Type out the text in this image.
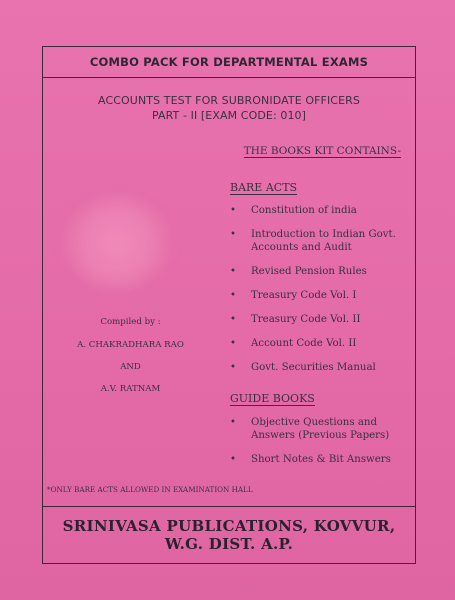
COMBO PACK FOR DEPARTMENTAL EXAMS
ACCOUNTS TEST FOR SUBRONIDATE OFFICERS
PART - II [EXAM CODE: 010]
THE BOOKS KIT CONTAINS-
BARE ACTS
• Constitution of india
• Introduction to Indian Govt.
Accounts and Audit
• Revised Pension Rules
• Treasury Code Vol. I
• Treasury Code Vol. II
• Account Code Vol. II
• Govt. Securities Manual
GUIDE BOOKS
• Objective Questions and
Answers (Previous Papers)
• Short Notes & Bit Answers
Compiled by :
A. CHAKRADHARA RAO
AND
A.V. RATNAM
*ONLY BARE ACTS ALLOWED IN EXAMINATION HALL
SRINIVASA PUBLICATIONS, KOVVUR,
W.G. DIST. A.P.
